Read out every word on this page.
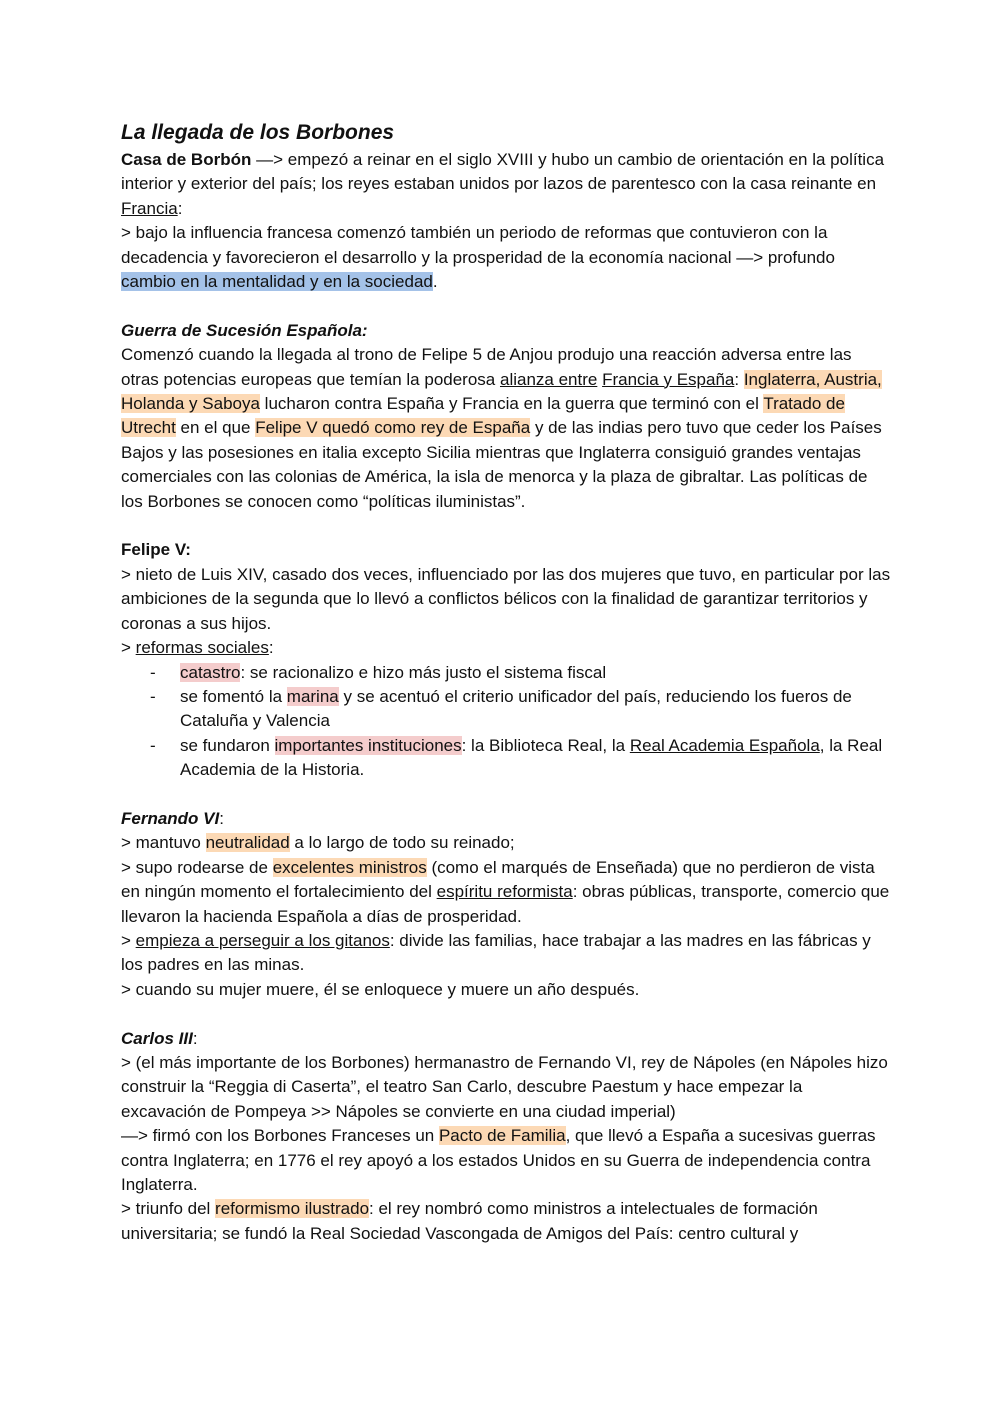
La llegada de los Borbones

Casa de Borbón —> empezó a reinar en el siglo XVIII y hubo un cambio de orientación en la política interior y exterior del país; los reyes estaban unidos por lazos de parentesco con la casa reinante en Francia:

> bajo la influencia francesa comenzó también un periodo de reformas que contuvieron con la decadencia y favorecieron el desarrollo y la prosperidad de la economía nacional —> profundo cambio en la mentalidad y en la sociedad.

Guerra de Sucesión Española:

Comenzó cuando la llegada al trono de Felipe 5 de Anjou produjo una reacción adversa entre las otras potencias europeas que temían la poderosa alianza entre Francia y España: Inglaterra, Austria, Holanda y Saboya lucharon contra España y Francia en la guerra que terminó con el Tratado de Utrecht en el que Felipe V quedó como rey de España y de las indias pero tuvo que ceder los Países Bajos y las posesiones en italia excepto Sicilia mientras que Inglaterra consiguió grandes ventajas comerciales con las colonias de América, la isla de menorca y la plaza de gibraltar. Las políticas de los Borbones se conocen como “políticas iluministas”.

Felipe V:

> nieto de Luis XIV, casado dos veces, influenciado por las dos mujeres que tuvo, en particular por las ambiciones de la segunda que lo llevó a conflictos bélicos con la finalidad de garantizar territorios y coronas a sus hijos.

> reformas sociales:

- catastro: se racionalizo e hizo más justo el sistema fiscal
- se fomentó la marina y se acentuó el criterio unificador del país, reduciendo los fueros de Cataluña y Valencia
- se fundaron importantes instituciones: la Biblioteca Real, la Real Academia Española, la Real Academia de la Historia.

Fernando VI:

> mantuvo neutralidad a lo largo de todo su reinado;

> supo rodearse de excelentes ministros (como el marqués de Enseñada) que no perdieron de vista en ningún momento el fortalecimiento del espíritu reformista: obras públicas, transporte, comercio que llevaron la hacienda Española a días de prosperidad.

> empieza a perseguir a los gitanos: divide las familias, hace trabajar a las madres en las fábricas y los padres en las minas.

> cuando su mujer muere, él se enloquece y muere un año después.

Carlos III:

> (el más importante de los Borbones) hermanastro de Fernando VI, rey de Nápoles (en Nápoles hizo construir la “Reggia di Caserta”, el teatro San Carlo, descubre Paestum y hace empezar la excavación de Pompeya >> Nápoles se convierte en una ciudad imperial)

—> firmó con los Borbones Franceses un Pacto de Familia, que llevó a España a sucesivas guerras contra Inglaterra; en 1776 el rey apoyó a los estados Unidos en su Guerra de independencia contra Inglaterra.

> triunfo del reformismo ilustrado: el rey nombró como ministros a intelectuales de formación universitaria; se fundó la Real Sociedad Vascongada de Amigos del País: centro cultural y
